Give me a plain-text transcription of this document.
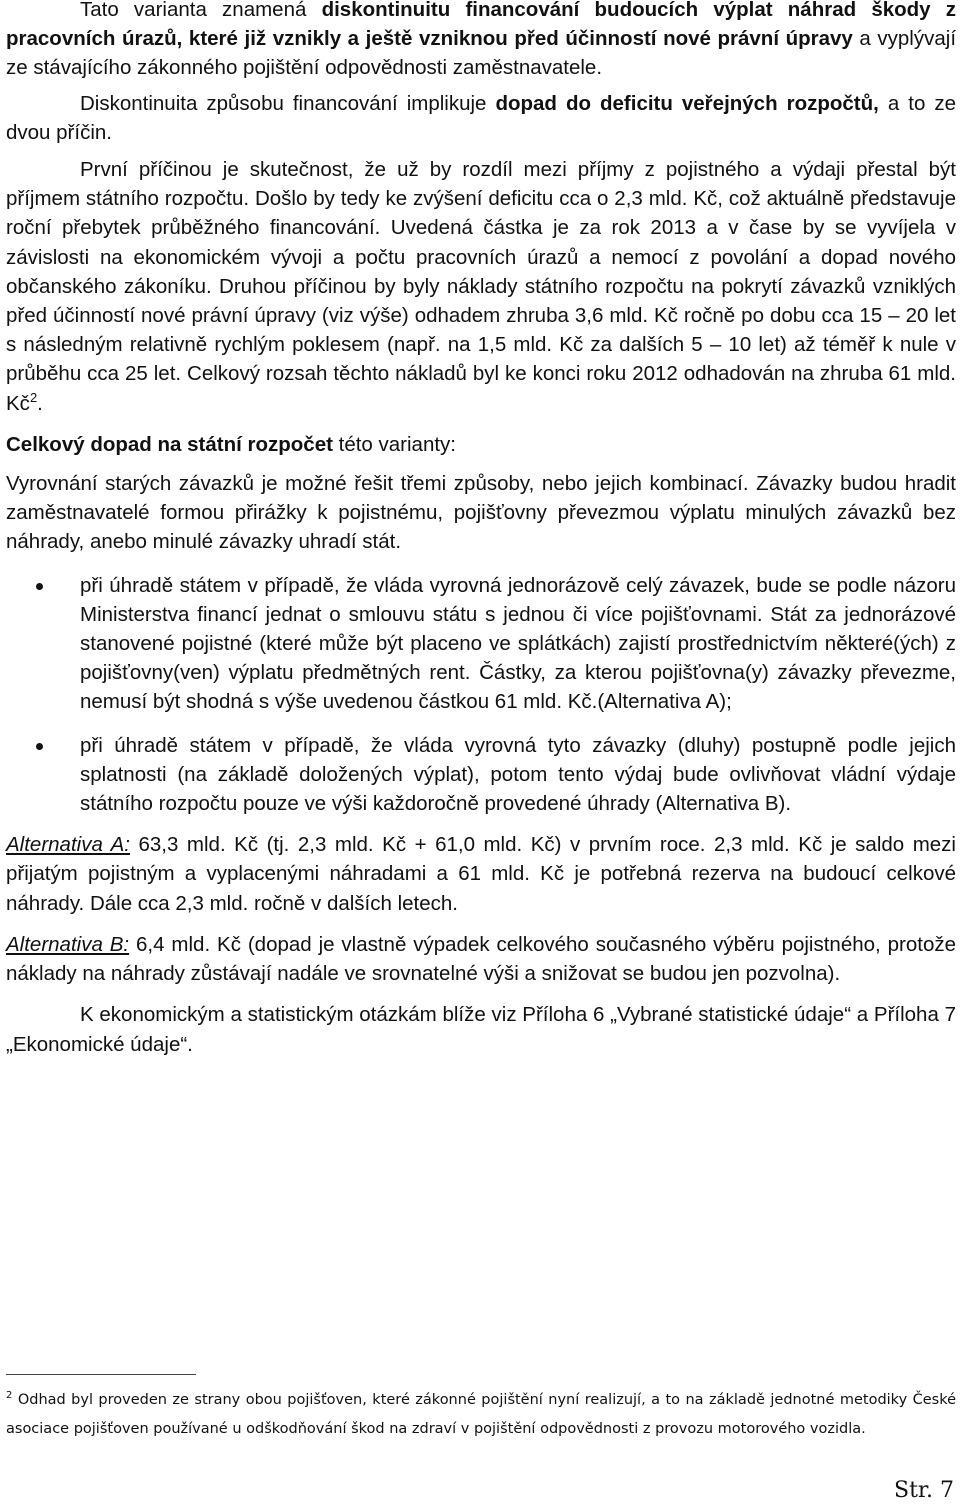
Tato varianta znamená diskontinuitu financování budoucích výplat náhrad škody z pracovních úrazů, které již vznikly a ještě vzniknou před účinností nové právní úpravy a vyplývají ze stávajícího zákonného pojištění odpovědnosti zaměstnavatele.

Diskontinuita způsobu financování implikuje dopad do deficitu veřejných rozpočtů, a to ze dvou příčin.

První příčinou je skutečnost, že už by rozdíl mezi příjmy z pojistného a výdaji přestal být příjmem státního rozpočtu. Došlo by tedy ke zvýšení deficitu cca o 2,3 mld. Kč, což aktuálně představuje roční přebytek průběžného financování. Uvedená částka je za rok 2013 a v čase by se vyvíjela v závislosti na ekonomickém vývoji a počtu pracovních úrazů a nemocí z povolání a dopad nového občanského zákoníku. Druhou příčinou by byly náklady státního rozpočtu na pokrytí závazků vzniklých před účinností nové právní úpravy (viz výše) odhadem zhruba 3,6 mld. Kč ročně po dobu cca 15 – 20 let s následným relativně rychlým poklesem (např. na 1,5 mld. Kč za dalších 5 – 10 let) až téměř k nule v průběhu cca 25 let. Celkový rozsah těchto nákladů byl ke konci roku 2012 odhadován na zhruba 61 mld. $Kč^2$.

Celkový dopad na státní rozpočet této varianty:

Vyrovnání starých závazků je možné řešit třemi způsoby, nebo jejich kombinací. Závazky budou hradit zaměstnavatelé formou přirážky k pojistnému, pojišťovny převezmou výplatu minulých závazků bez náhrady, anebo minulé závazky uhradí stát.

při úhradě státem v případě, že vláda vyrovná jednorázově celý závazek, bude se podle názoru Ministerstva financí jednat o smlouvu státu s jednou či více pojišťovnami. Stát za jednorázové stanovené pojistné (které může být placeno ve splátkách) zajistí prostřednictvím některé(ých) z pojišťovny(ven) výplatu předmětných rent. Částky, za kterou pojišťovna(y) závazky převezme, nemusí být shodná s výše uvedenou částkou 61 mld. Kč.(Alternativa A);

při úhradě státem v případě, že vláda vyrovná tyto závazky (dluhy) postupně podle jejich splatnosti (na základě doložených výplat), potom tento výdaj bude ovlivňovat vládní výdaje státního rozpočtu pouze ve výši každoročně provedené úhrady (Alternativa B).

Alternativa A: 63,3 mld. Kč (tj. 2,3 mld. Kč + 61,0 mld. Kč) v prvním roce. 2,3 mld. Kč je saldo mezi přijatým pojistným a vyplacenými náhradami a 61 mld. Kč je potřebná rezerva na budoucí celkové náhrady. Dále cca 2,3 mld. ročně v dalších letech.

Alternativa B: 6,4 mld. Kč (dopad je vlastně výpadek celkového současného výběru pojistného, protože náklady na náhrady zůstávají nadále ve srovnatelné výši a snižovat se budou jen pozvolna).

K ekonomickým a statistickým otázkám blíže viz Příloha 6 „Vybrané statistické údaje“ a Příloha 7 „Ekonomické údaje“.

$^2$ Odhad byl proveden ze strany obou pojišťoven, které zákonné pojištění nyní realizují, a to na základě jednotné metodiky České asociace pojišťoven používané u odškodňování škod na zdraví v pojištění odpovědnosti z provozu motorového vozidla.
Str. 7
